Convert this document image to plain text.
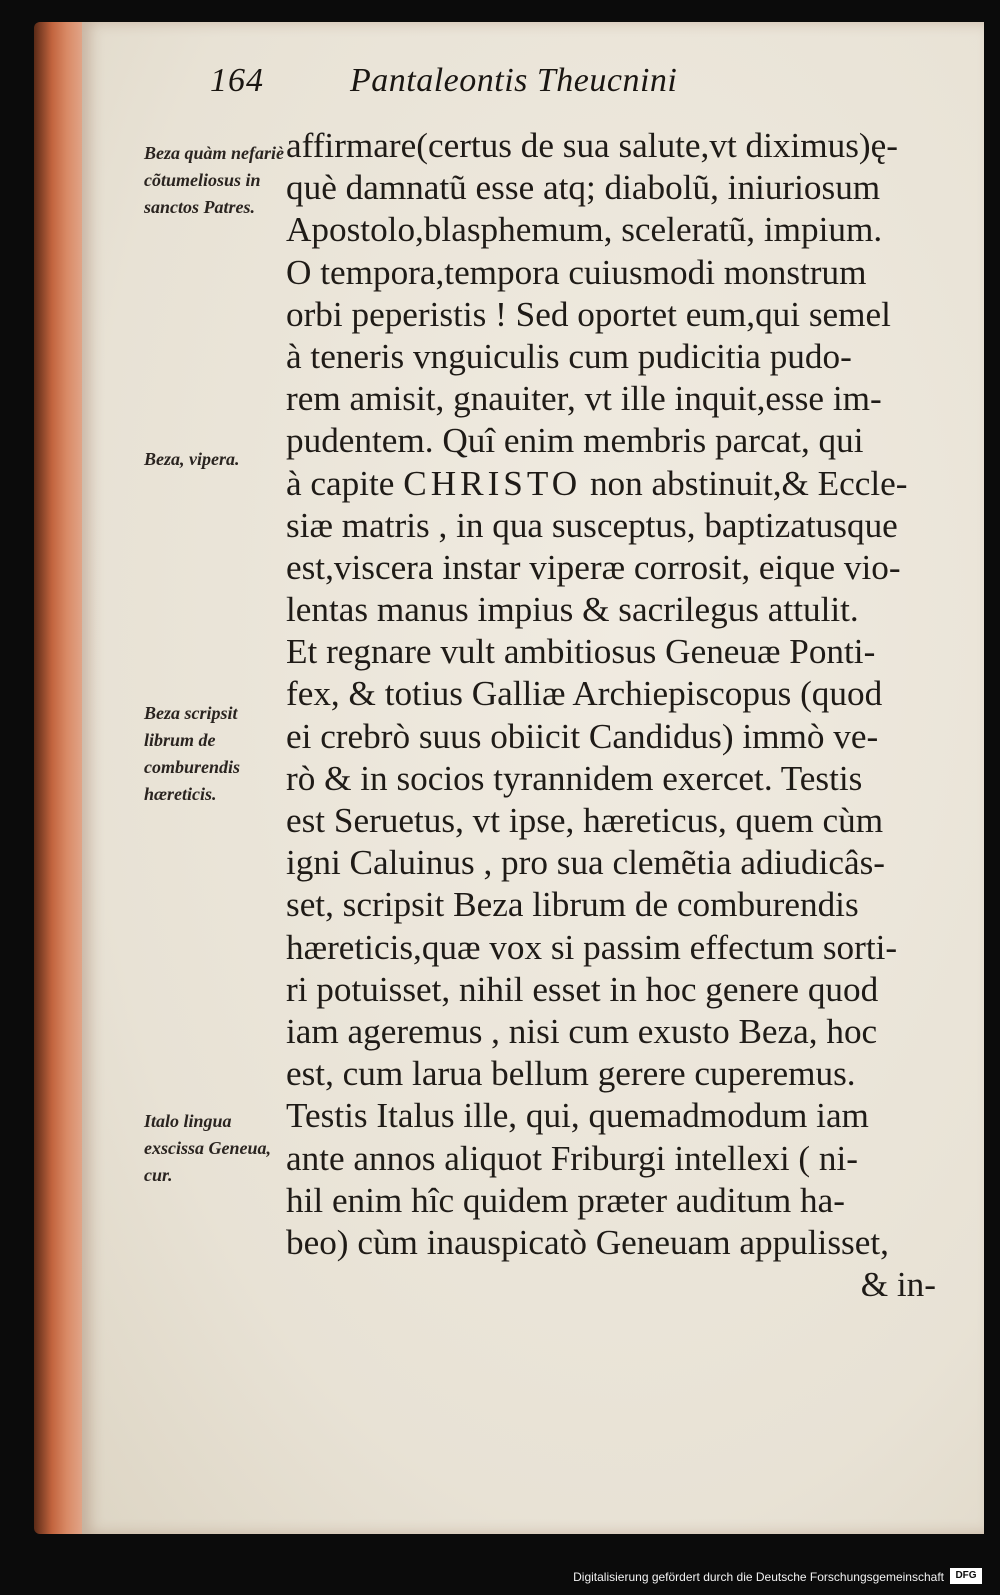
164	Pantaleontis Theucnini
Beza quàm nefariè cõtumeliosus in sanctos Patres.
Beza, vipera.
Beza scripsit librum de comburendis hæreticis.
Italo lingua exscissa Geneua, cur.
affirmare(certus de sua salute,vt diximus)ę-
què damnatũ esse atq; diabolũ, iniuriosum
Apostolo,blasphemum, sceleratũ, impium.
O tempora,tempora cuiusmodi monstrum
orbi peperistis ! Sed oportet eum,qui semel
à teneris vnguiculis cum pudicitia pudo-
rem amisit, gnauiter, vt ille inquit,esse im-
pudentem. Quî enim membris parcat, qui
à capite CHRISTO non abstinuit,& Eccle-
siæ matris , in qua susceptus, baptizatusque
est,viscera instar viperæ corrosit, eique vio-
lentas manus impius & sacrilegus attulit.
Et regnare vult ambitiosus Geneuæ Ponti-
fex, & totius Galliæ Archiepiscopus (quod
ei crebrò suus obiicit Candidus) immò ve-
rò & in socios tyrannidem exercet. Testis
est Seruetus, vt ipse, hæreticus, quem cùm
igni Caluinus , pro sua clemẽtia adiudicâs-
set, scripsit Beza librum de comburendis
hæreticis,quæ vox si passim effectum sorti-
ri potuisset, nihil esset in hoc genere quod
iam ageremus , nisi cum exusto Beza, hoc
est, cum larua bellum gerere cuperemus.
Testis Italus ille, qui, quemadmodum iam
ante annos aliquot Friburgi intellexi ( ni-
hil enim hîc quidem præter auditum ha-
beo) cùm inauspicatò Geneuam appulisset,
& in-
Digitalisierung gefördert durch die Deutsche Forschungsgemeinschaft	DFG
